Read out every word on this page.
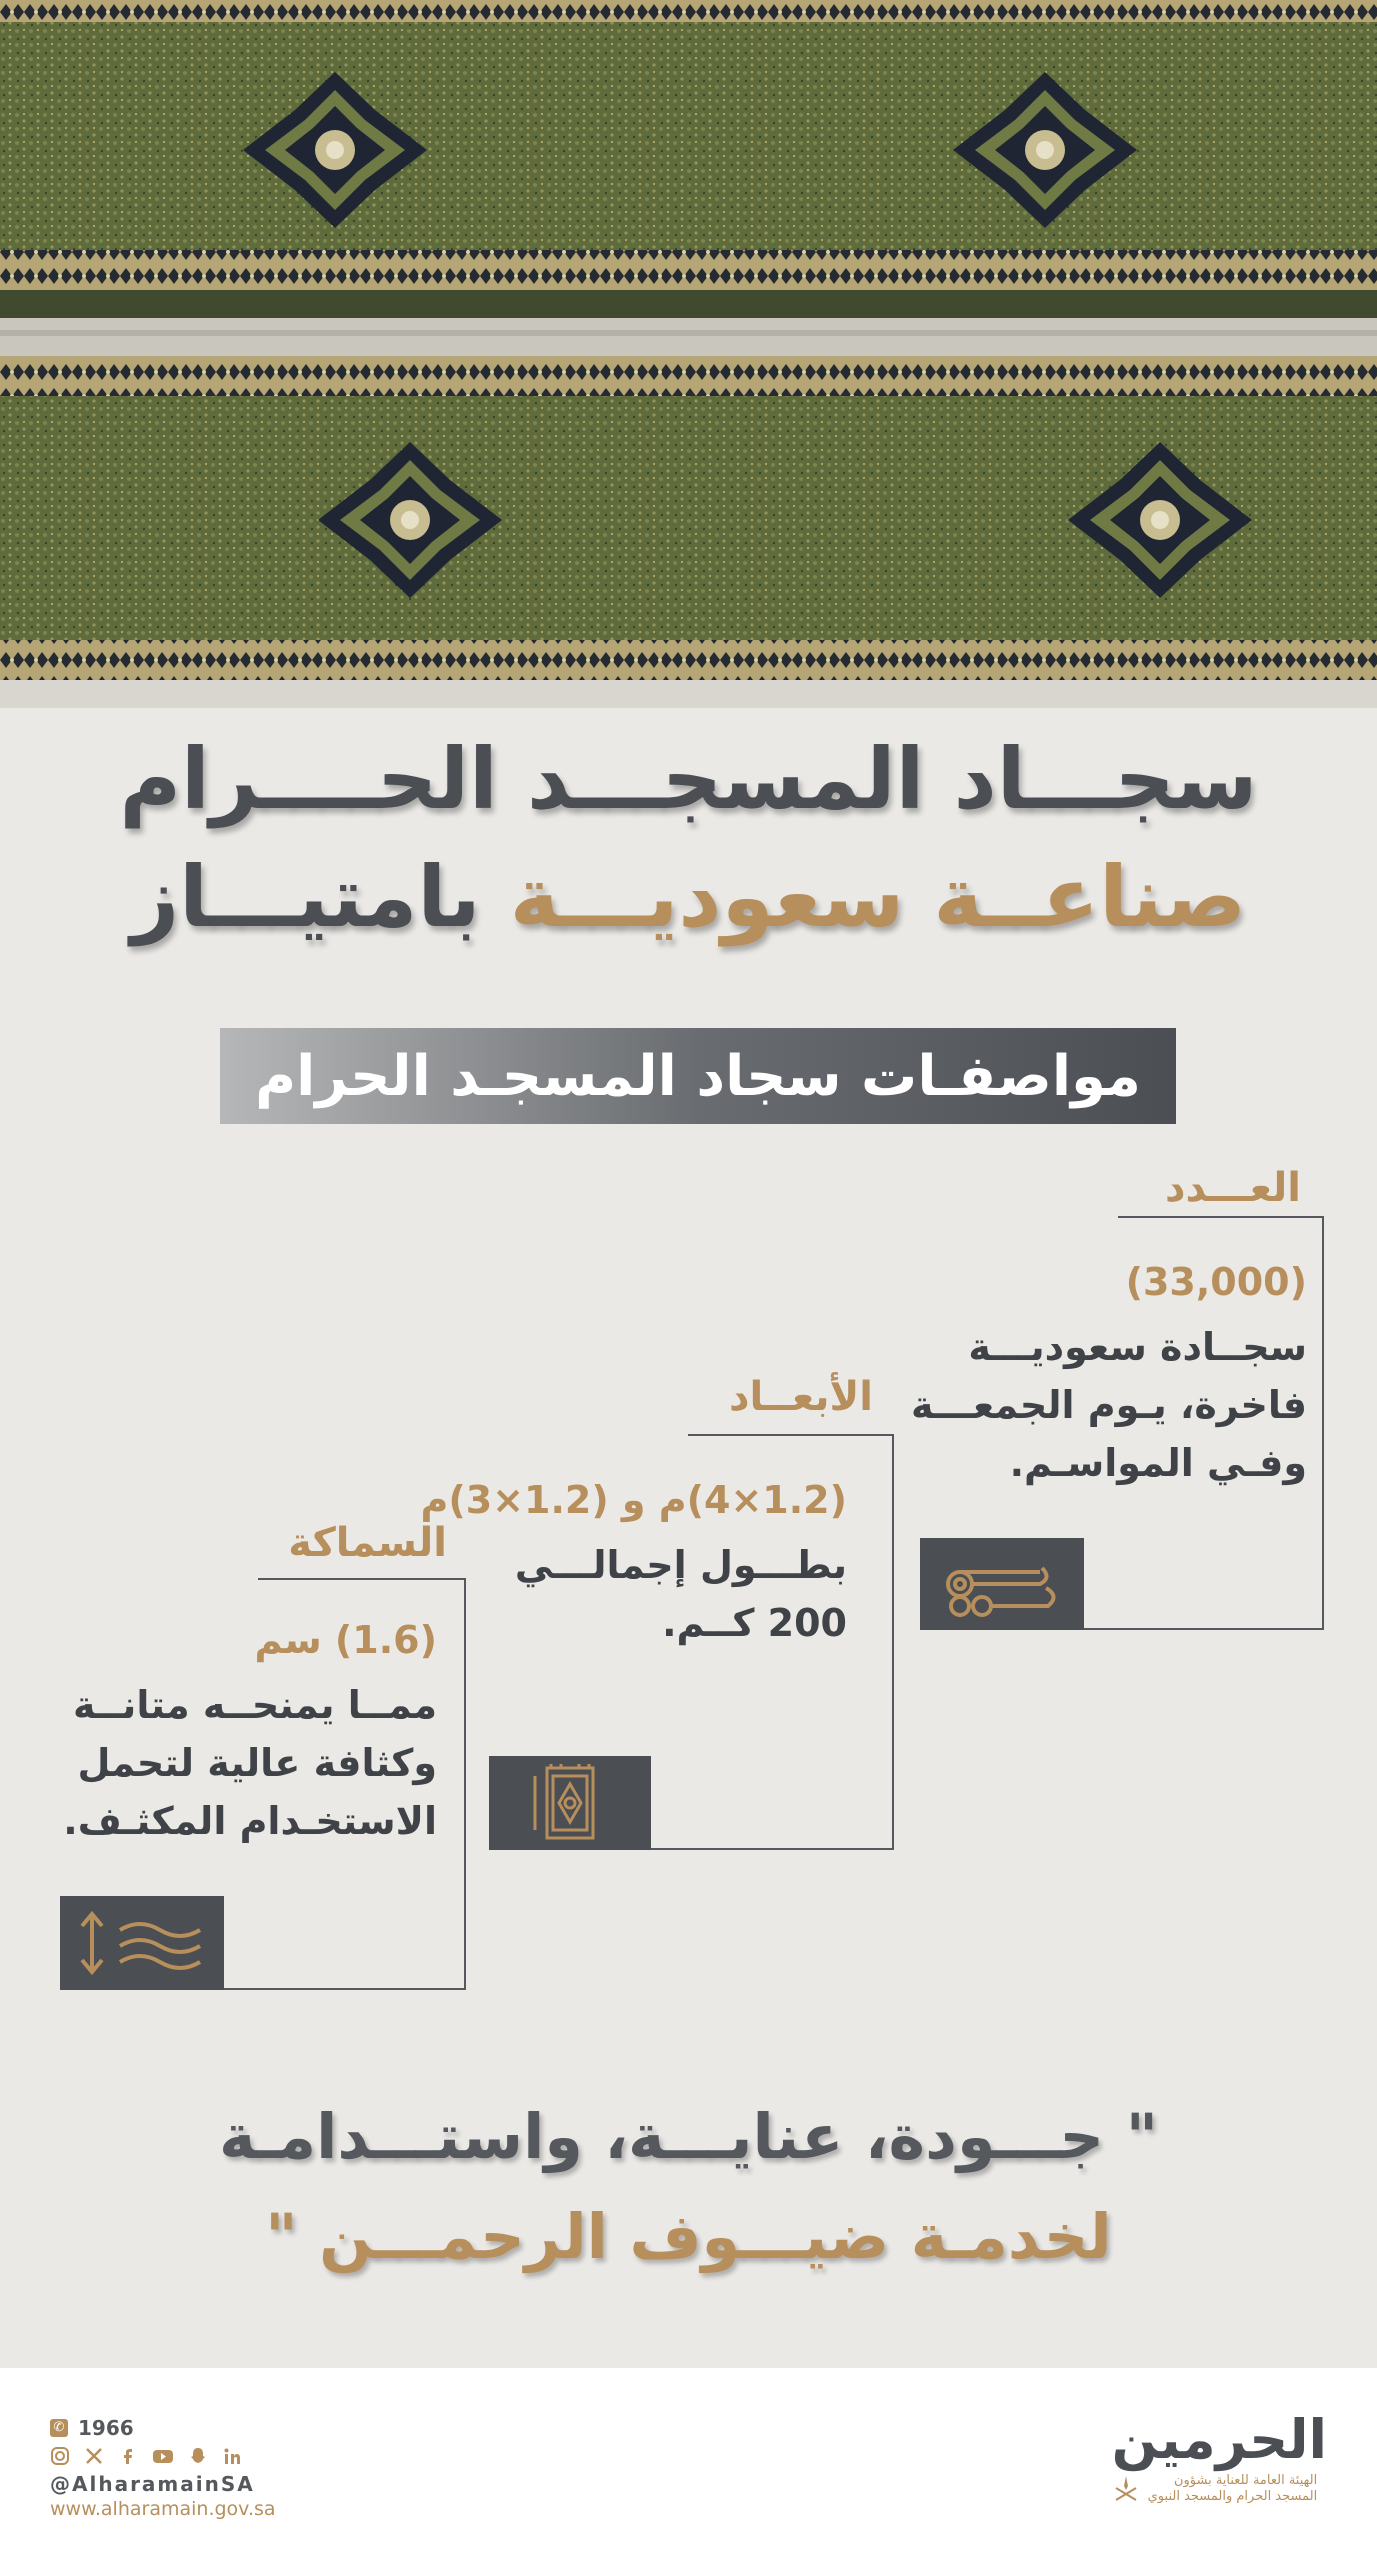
سجـــاد المسجـــد الحــــرام
صناعــة سعوديـــة بامتيـــاز
مواصفـات سجاد المسجـد الحرام
العـــدد
(33,000)
سجــادة سعوديـــة
فاخرة، يـوم الجمعـــة
وفـي المواسـم.
الأبعــاد
(1.2×4)م و (1.2×3)م
بطـــول إجمالـــي
200 كــم.
السماكة
(1.6) سم
ممــا يمنحــه متانــة
وكثافة عالية لتحمل
الاستخـدام المكثـف.
" جـــودة، عنايـــة، واستـــدامـة
لخدمـة ضيـــوف الرحمـــن "
✆ 1966
@AlharamainSA
www.alharamain.gov.sa
الحرمين
الهيئة العامة للعناية بشؤون
المسجد الحرام والمسجد النبوي
